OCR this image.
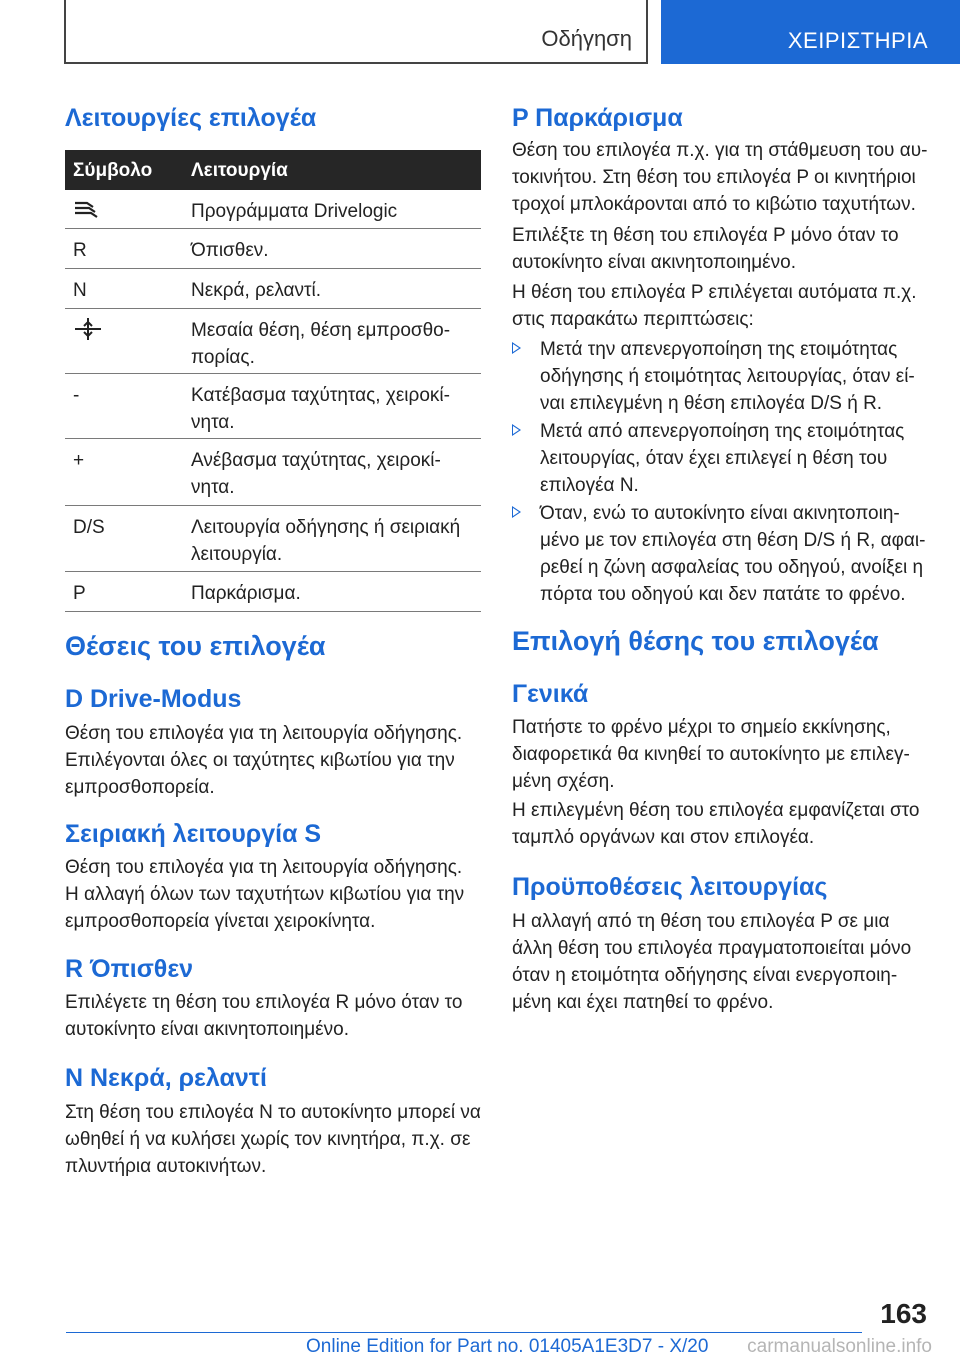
Οδήγηση	ΧΕΙΡΙΣΤΗΡΙΑ
Λειτουργίες επιλογέα
Σύμβολο Λειτουργία
Προγράμματα Drivelogic
R	Όπισθεν.
N	Νεκρά, ρελαντί.
Μεσαία θέση, θέση εμπροσθο- πορίας.
-	Κατέβασμα ταχύτητας, χειροκί- νητα.
+	Ανέβασμα ταχύτητας, χειροκί- νητα.
D/S	Λειτουργία οδήγησης ή σειριακή λειτουργία.
P	Παρκάρισμα.
Θέσεις του επιλογέα
D Drive-Modus

Θέση του επιλογέα για τη λειτουργία οδήγησης. Επιλέγονται όλες οι ταχύτητες κιβωτίου για την εμπροσθοπορεία.

Σειριακή λειτουργία S

Θέση του επιλογέα για τη λειτουργία οδήγησης. Η αλλαγή όλων των ταχυτήτων κιβωτίου για την εμπροσθοπορεία γίνεται χειροκίνητα.

R Όπισθεν

Επιλέγετε τη θέση του επιλογέα R μόνο όταν το αυτοκίνητο είναι ακινητοποιημένο.

N Νεκρά, ρελαντί

Στη θέση του επιλογέα N το αυτοκίνητο μπορεί να ωθηθεί ή να κυλήσει χωρίς τον κινητήρα, π.χ. σε πλυντήρια αυτοκινήτων.

P Παρκάρισμα

Θέση του επιλογέα π.χ. για τη στάθμευση του αυ- τοκινήτου. Στη θέση του επιλογέα P οι κινητήριοι τροχοί μπλοκάρονται από το κιβώτιο ταχυτήτων.

Επιλέξτε τη θέση του επιλογέα P μόνο όταν το αυτοκίνητο είναι ακινητοποιημένο.

Η θέση του επιλογέα P επιλέγεται αυτόματα π.χ. στις παρακάτω περιπτώσεις:

Μετά την απενεργοποίηση της ετοιμότητας οδήγησης ή ετοιμότητας λειτουργίας, όταν εί- ναι επιλεγμένη η θέση επιλογέα D/S ή R.
Μετά από απενεργοποίηση της ετοιμότητας λειτουργίας, όταν έχει επιλεγεί η θέση του επιλογέα N.
Όταν, ενώ το αυτοκίνητο είναι ακινητοποιη- μένο με τον επιλογέα στη θέση D/S ή R, αφαι- ρεθεί η ζώνη ασφαλείας του οδηγού, ανοίξει η πόρτα του οδηγού και δεν πατάτε το φρένο.
Επιλογή θέσης του επιλογέα
Γενικά

Πατήστε το φρένο μέχρι το σημείο εκκίνησης, διαφορετικά θα κινηθεί το αυτοκίνητο με επιλεγ- μένη σχέση.

Η επιλεγμένη θέση του επιλογέα εμφανίζεται στο ταμπλό οργάνων και στον επιλογέα.

Προϋποθέσεις λειτουργίας

Η αλλαγή από τη θέση του επιλογέα P σε μια άλλη θέση του επιλογέα πραγματοποιείται μόνο όταν η ετοιμότητα οδήγησης είναι ενεργοποιη- μένη και έχει πατηθεί το φρένο.

163
Online Edition for Part no. 01405A1E3D7 - X/20 carmanualsonline.info
